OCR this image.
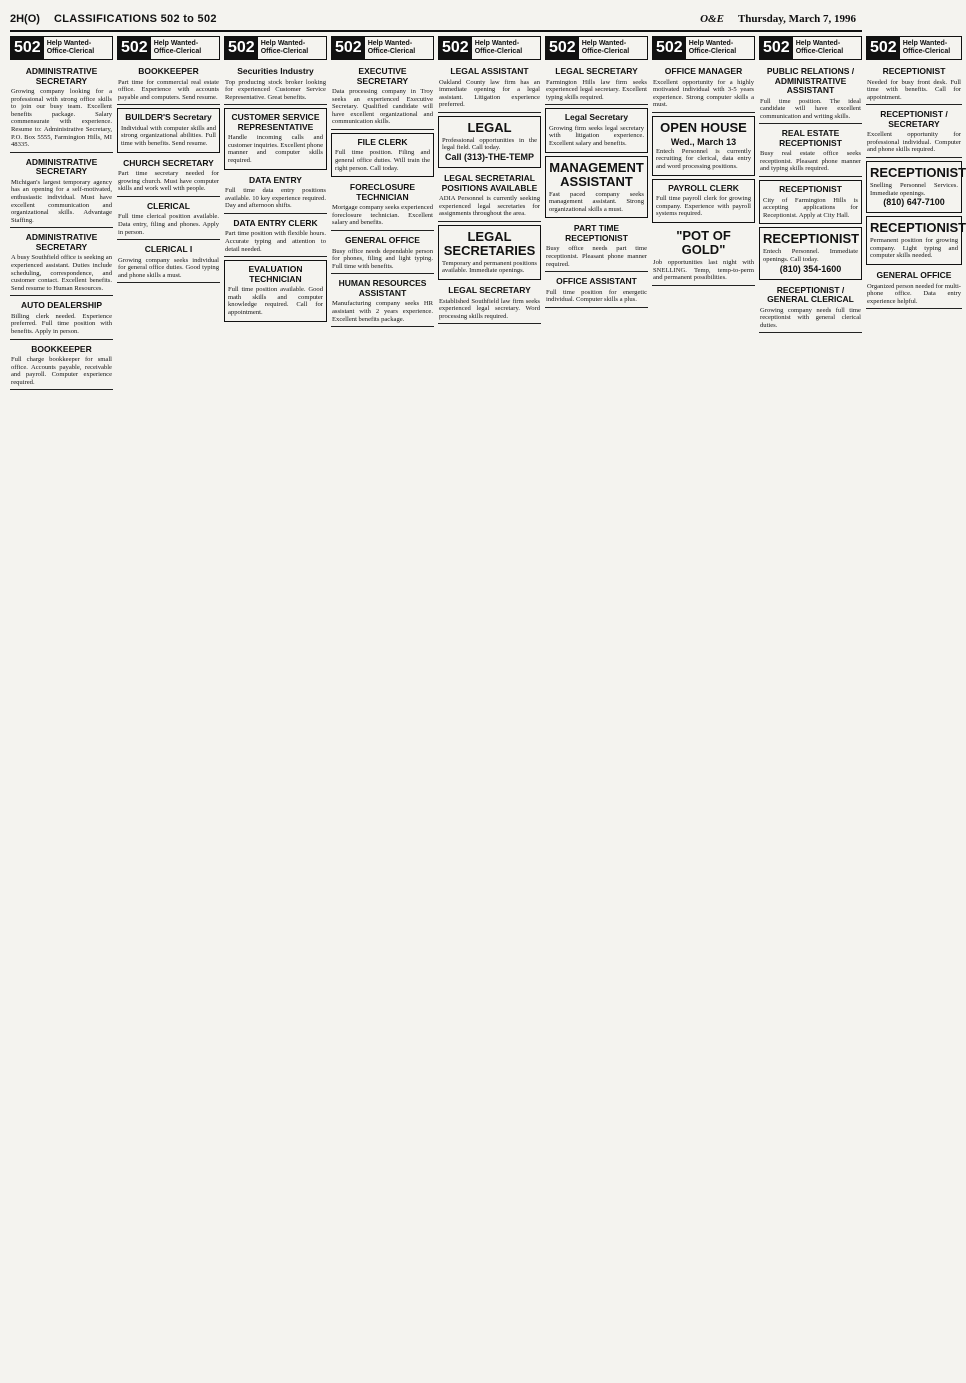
2H(O) CLASSIFICATIONS 502 to 502	O&E Thursday, March 7, 1996
502 Help Wanted-
Office-Clerical
ADMINISTRATIVE SECRETARY

Growing company looking for a professional with strong office skills to join our busy team. Excellent benefits package. Salary commensurate with experience. Resume to: Administrative Secretary, P.O. Box 5555, Farmington Hills, MI 48335.

ADMINISTRATIVE SECRETARY

Michigan's largest temporary agency has an opening for a self-motivated, enthusiastic individual. Must have excellent communication and organizational skills. Advantage Staffing.

ADMINISTRATIVE SECRETARY

A busy Southfield office is seeking an experienced assistant. Duties include scheduling, correspondence, and customer contact. Excellent benefits. Send resume to Human Resources.

AUTO DEALERSHIP

Billing clerk needed. Experience preferred. Full time position with benefits. Apply in person.

BOOKKEEPER

Full charge bookkeeper for small office. Accounts payable, receivable and payroll. Computer experience required.

502 Help Wanted-
Office-Clerical
BOOKKEEPER

Part time for commercial real estate office. Experience with accounts payable and computers. Send resume.

BUILDER'S Secretary

Individual with computer skills and strong organizational abilities. Full time with benefits. Send resume.

CHURCH SECRETARY

Part time secretary needed for growing church. Must have computer skills and work well with people.

CLERICAL

Full time clerical position available. Data entry, filing and phones. Apply in person.

CLERICAL I

Growing company seeks individual for general office duties. Good typing and phone skills a must.

502 Help Wanted-
Office-Clerical
Securities Industry

Top producing stock broker looking for experienced Customer Service Representative. Great benefits.

CUSTOMER SERVICE REPRESENTATIVE

Handle incoming calls and customer inquiries. Excellent phone manner and computer skills required.

DATA ENTRY

Full time data entry positions available. 10 key experience required. Day and afternoon shifts.

DATA ENTRY CLERK

Part time position with flexible hours. Accurate typing and attention to detail needed.

EVALUATION TECHNICIAN

Full time position available. Good math skills and computer knowledge required. Call for appointment.

502 Help Wanted-
Office-Clerical
EXECUTIVE SECRETARY

Data processing company in Troy seeks an experienced Executive Secretary. Qualified candidate will have excellent organizational and communication skills.

FILE CLERK

Full time position. Filing and general office duties. Will train the right person. Call today.

FORECLOSURE TECHNICIAN

Mortgage company seeks experienced foreclosure technician. Excellent salary and benefits.

GENERAL OFFICE

Busy office needs dependable person for phones, filing and light typing. Full time with benefits.

HUMAN RESOURCES ASSISTANT

Manufacturing company seeks HR assistant with 2 years experience. Excellent benefits package.

502 Help Wanted-
Office-Clerical
LEGAL ASSISTANT

Oakland County law firm has an immediate opening for a legal assistant. Litigation experience preferred.

LEGAL

Professional opportunities in the legal field. Call today.

Call (313)-THE-TEMP
LEGAL SECRETARIAL POSITIONS AVAILABLE

ADIA Personnel is currently seeking experienced legal secretaries for assignments throughout the area.

LEGAL SECRETARIES

Temporary and permanent positions available. Immediate openings.

LEGAL SECRETARY

Established Southfield law firm seeks experienced legal secretary. Word processing skills required.

502 Help Wanted-
Office-Clerical
LEGAL SECRETARY

Farmington Hills law firm seeks experienced legal secretary. Excellent typing skills required.

Legal Secretary

Growing firm seeks legal secretary with litigation experience. Excellent salary and benefits.

MANAGEMENT ASSISTANT

Fast paced company seeks management assistant. Strong organizational skills a must.

PART TIME RECEPTIONIST

Busy office needs part time receptionist. Pleasant phone manner required.

OFFICE ASSISTANT

Full time position for energetic individual. Computer skills a plus.

502 Help Wanted-
Office-Clerical
OFFICE MANAGER

Excellent opportunity for a highly motivated individual with 3-5 years experience. Strong computer skills a must.

OPEN HOUSE
Wed., March 13

Entech Personnel is currently recruiting for clerical, data entry and word processing positions.

PAYROLL CLERK

Full time payroll clerk for growing company. Experience with payroll systems required.

"POT OF GOLD"

Job opportunities last night with SNELLING. Temp, temp-to-perm and permanent possibilities.

502 Help Wanted-
Office-Clerical
PUBLIC RELATIONS / ADMINISTRATIVE ASSISTANT

Full time position. The ideal candidate will have excellent communication and writing skills.

REAL ESTATE RECEPTIONIST

Busy real estate office seeks receptionist. Pleasant phone manner and typing skills required.

RECEPTIONIST

City of Farmington Hills is accepting applications for Receptionist. Apply at City Hall.

RECEPTIONIST

Entech Personnel. Immediate openings. Call today.

(810) 354-1600
RECEPTIONIST / GENERAL CLERICAL

Growing company needs full time receptionist with general clerical duties.

502 Help Wanted-
Office-Clerical
RECEPTIONIST

Needed for busy front desk. Full time with benefits. Call for appointment.

RECEPTIONIST / SECRETARY

Excellent opportunity for professional individual. Computer and phone skills required.

RECEPTIONIST

Snelling Personnel Services. Immediate openings.

(810) 647-7100
RECEPTIONIST

Permanent position for growing company. Light typing and computer skills needed.

GENERAL OFFICE

Organized person needed for multi-phone office. Data entry experience helpful.
